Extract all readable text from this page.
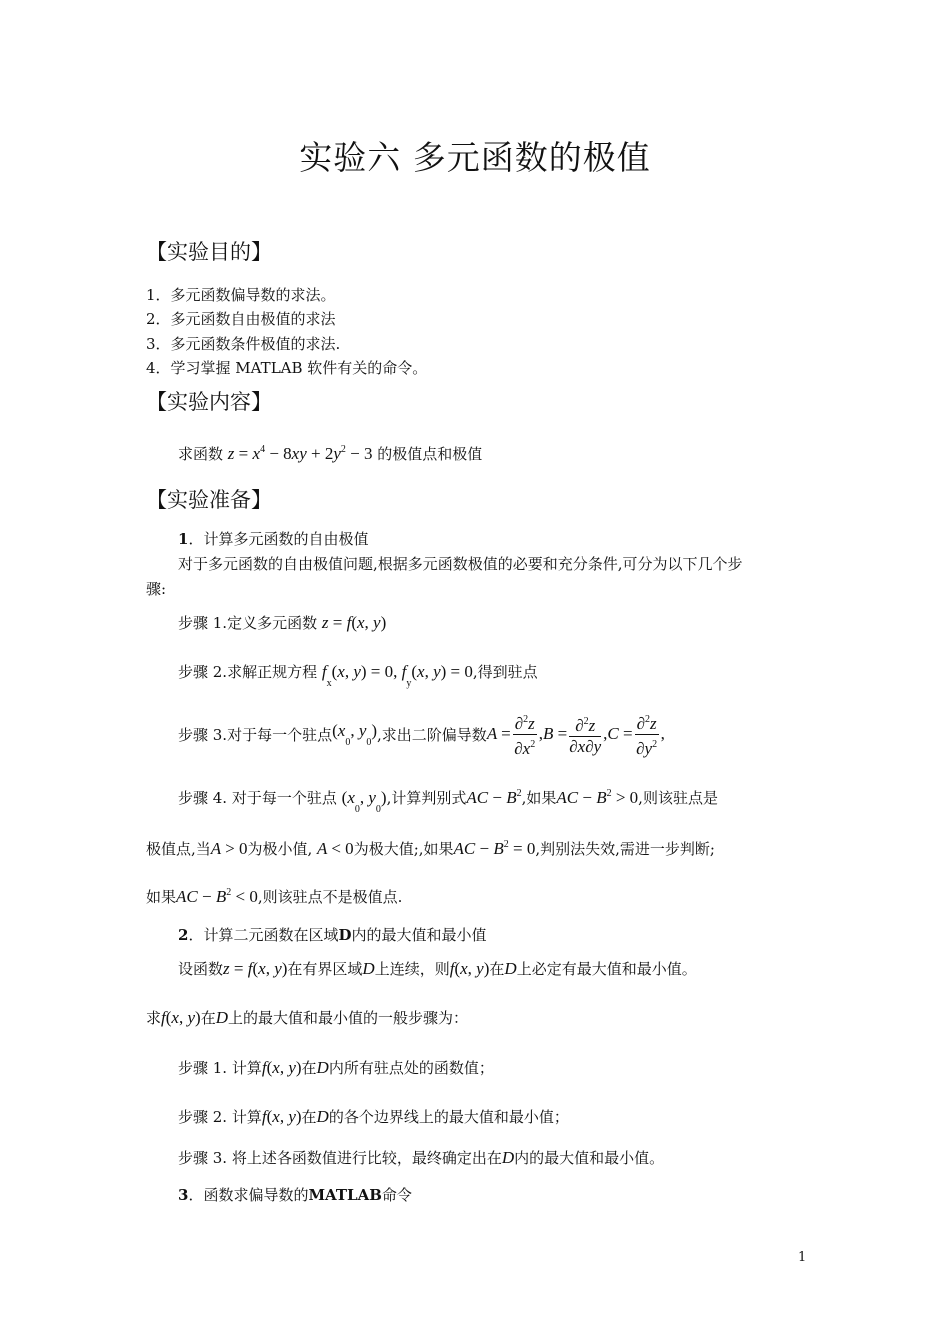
实验六 多元函数的极值
【实验目的】
1．多元函数偏导数的求法。
2．多元函数自由极值的求法
3．多元函数条件极值的求法.
4．学习掌握 MATLAB 软件有关的命令。
【实验内容】
求函数 $z = x^4 - 8xy + 2y^2 - 3$ 的极值点和极值
【实验准备】
1．计算多元函数的自由极值
对于多元函数的自由极值问题,根据多元函数极值的必要和充分条件,可分为以下几个步
骤:
步骤 1.定义多元函数 z = f(x, y)
步骤 2.求解正规方程 $f_x(x$, y) = 0, $f_y(x$, y) = 0,得到驻点
步骤 3.对于每一个驻点 ($x_0$, $y_0$) ,求出二阶偏导数 $A = \frac{\partial^2z}{\partial x^2} ,B = \frac{\partial^2z}{\partial x\partial y} ,C = \frac{\partial^2z}{\partial y^2}$ ,
步骤 4. 对于每一个驻点 ($x_0$, $y_0$),计算判别式AC − $B^2$,如果AC − $B^2 > 0$,则该驻点是
极值点,当A > 0为极小值, A < 0为极大值;,如果AC − $B^2 = 0$,判别法失效,需进一步判断;
如果AC − $B^2 < 0$,则该驻点不是极值点.
2．计算二元函数在区域D内的最大值和最小值
设函数z = f(x, y)在有界区域D上连续，则f(x, y)在D上必定有最大值和最小值。
求f(x, y)在D上的最大值和最小值的一般步骤为：
步骤 1. 计算f(x, y)在D内所有驻点处的函数值；
步骤 2. 计算f(x, y)在D的各个边界线上的最大值和最小值；
步骤 3. 将上述各函数值进行比较，最终确定出在D内的最大值和最小值。
3．函数求偏导数的MATLAB命令
1
